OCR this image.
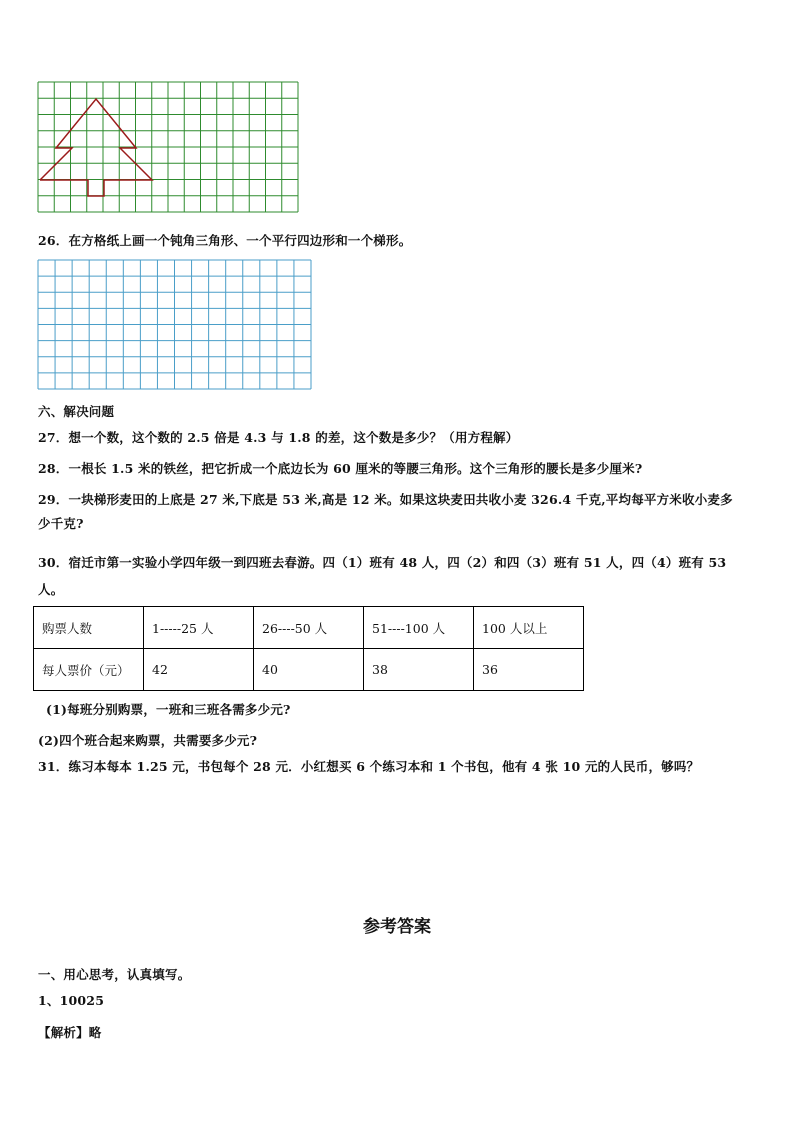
26．在方格纸上画一个钝角三角形、一个平行四边形和一个梯形。
六、解决问题
27．想一个数，这个数的 2.5 倍是 4.3 与 1.8 的差，这个数是多少？（用方程解）
28．一根长 1.5 米的铁丝，把它折成一个底边长为 60 厘米的等腰三角形。这个三角形的腰长是多少厘米?
29．一块梯形麦田的上底是 27 米,下底是 53 米,高是 12 米。如果这块麦田共收小麦 326.4 千克,平均每平方米收小麦多
少千克?
30．宿迁市第一实验小学四年级一到四班去春游。四（1）班有 48 人，四（2）和四（3）班有 51 人，四（4）班有 53
人。
购票人数	1-----25 人	26----50 人	51----100 人	100 人以上
每人票价（元）	42	40	38	36
(1)每班分别购票，一班和三班各需多少元?
(2)四个班合起来购票，共需要多少元?
31．练习本每本 1.25 元，书包每个 28 元．小红想买 6 个练习本和 1 个书包，他有 4 张 10 元的人民币，够吗？
参考答案
一、用心思考，认真填写。
1、10025
【解析】略
